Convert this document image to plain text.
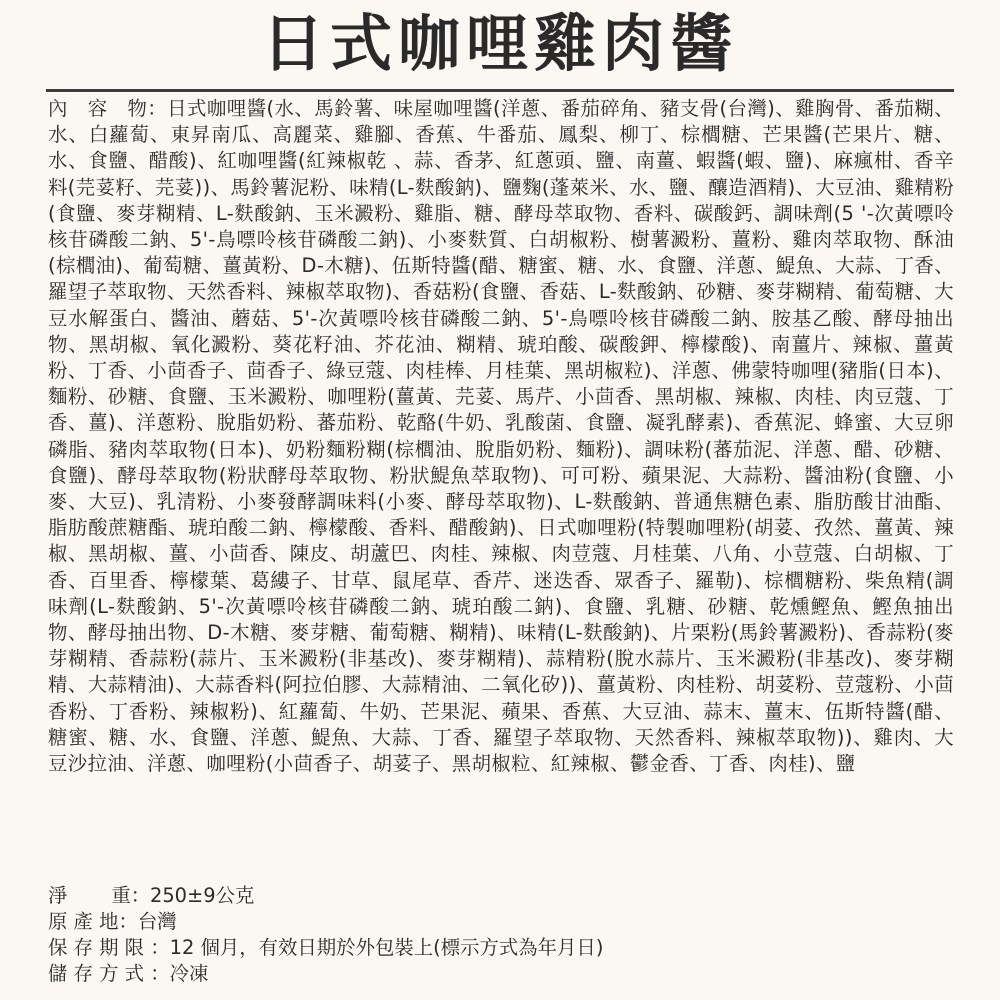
日式咖哩雞肉醬
內　容　物：日式咖哩醬(水、馬鈴薯、味屋咖哩醬(洋蔥、番茄碎角、豬支骨(台灣)、雞胸骨、番茄糊、水、白蘿蔔、東昇南瓜、高麗菜、雞腳、香蕉、牛番茄、鳳梨、柳丁、棕櫚糖、芒果醬(芒果片、糖、水、食鹽、醋酸)、紅咖哩醬(紅辣椒乾 、蒜、香茅、紅蔥頭、鹽、南薑、蝦醬(蝦、鹽)、麻瘋柑、香辛料(芫荽籽、芫荽))、馬鈴薯泥粉、味精(L-麩酸鈉)、鹽麴(蓬萊米、水、鹽、釀造酒精)、大豆油、雞精粉(食鹽、麥芽糊精、L-麩酸鈉、玉米澱粉、雞脂、糖、酵母萃取物、香料、碳酸鈣、調味劑(5 '-次黃嘌呤核苷磷酸二鈉、5'-鳥嘌呤核苷磷酸二鈉)、小麥麩質、白胡椒粉、樹薯澱粉、薑粉、雞肉萃取物、酥油(棕櫚油)、葡萄糖、薑黃粉、D-木糖)、伍斯特醬(醋、糖蜜、糖、水、食鹽、洋蔥、鯷魚、大蒜、丁香、羅望子萃取物、天然香料、辣椒萃取物)、香菇粉(食鹽、香菇、L-麩酸鈉、砂糖、麥芽糊精、葡萄糖、大豆水解蛋白、醬油、蘑菇、5'-次黃嘌呤核苷磷酸二鈉、5'-鳥嘌呤核苷磷酸二鈉、胺基乙酸、酵母抽出物、黑胡椒、氧化澱粉、葵花籽油、芥花油、糊精、琥珀酸、碳酸鉀、檸檬酸)、南薑片、辣椒、薑黃粉、丁香、小茴香子、茴香子、綠豆蔻、肉桂棒、月桂葉、黑胡椒粒)、洋蔥、佛蒙特咖哩(豬脂(日本)、麵粉、砂糖、食鹽、玉米澱粉、咖哩粉(薑黃、芫荽、馬芹、小茴香、黑胡椒、辣椒、肉桂、肉豆蔻、丁香、薑)、洋蔥粉、脫脂奶粉、蕃茄粉、乾酪(牛奶、乳酸菌、食鹽、凝乳酵素)、香蕉泥、蜂蜜、大豆卵磷脂、豬肉萃取物(日本)、奶粉麵粉糊(棕櫚油、脫脂奶粉、麵粉)、調味粉(蕃茄泥、洋蔥、醋、砂糖、食鹽)、酵母萃取物(粉狀酵母萃取物、粉狀鯷魚萃取物)、可可粉、蘋果泥、大蒜粉、醬油粉(食鹽、小麥、大豆)、乳清粉、小麥發酵調味料(小麥、酵母萃取物)、L-麩酸鈉、普通焦糖色素、脂肪酸甘油酯、脂肪酸蔗糖酯、琥珀酸二鈉、檸檬酸、香料、醋酸鈉)、日式咖哩粉(特製咖哩粉(胡荽、孜然、薑黃、辣椒、黑胡椒、薑、小茴香、陳皮、胡蘆巴、肉桂、辣椒、肉荳蔻、月桂葉、八角、小荳蔻、白胡椒、丁香、百里香、檸檬葉、葛縷子、甘草、鼠尾草、香芹、迷迭香、眾香子、羅勒)、棕櫚糖粉、柴魚精(調味劑(L-麩酸鈉、5'-次黃嘌呤核苷磷酸二鈉、琥珀酸二鈉)、食鹽、乳糖、砂糖、乾燻鰹魚、鰹魚抽出物、酵母抽出物、D-木糖、麥芽糖、葡萄糖、糊精)、味精(L-麩酸鈉)、片栗粉(馬鈴薯澱粉)、香蒜粉(麥芽糊精、香蒜粉(蒜片、玉米澱粉(非基改)、麥芽糊精)、蒜精粉(脫水蒜片、玉米澱粉(非基改)、麥芽糊精、大蒜精油)、大蒜香料(阿拉伯膠、大蒜精油、二氧化矽))、薑黃粉、肉桂粉、胡荽粉、荳蔻粉、小茴香粉、丁香粉、辣椒粉)、紅蘿蔔、牛奶、芒果泥、蘋果、香蕉、大豆油、蒜末、薑末、伍斯特醬(醋、糖蜜、糖、水、食鹽、洋蔥、鯷魚、大蒜、丁香、羅望子萃取物、天然香料、辣椒萃取物))、雞肉、大豆沙拉油、洋蔥、咖哩粉(小茴香子、胡荽子、黑胡椒粒、紅辣椒、鬱金香、丁香、肉桂)、鹽
淨 重：250±9公克
原 產 地：台灣
保 存 期 限 ：12 個月，有效日期於外包裝上(標示方式為年月日)
儲 存 方 式 ：冷凍
